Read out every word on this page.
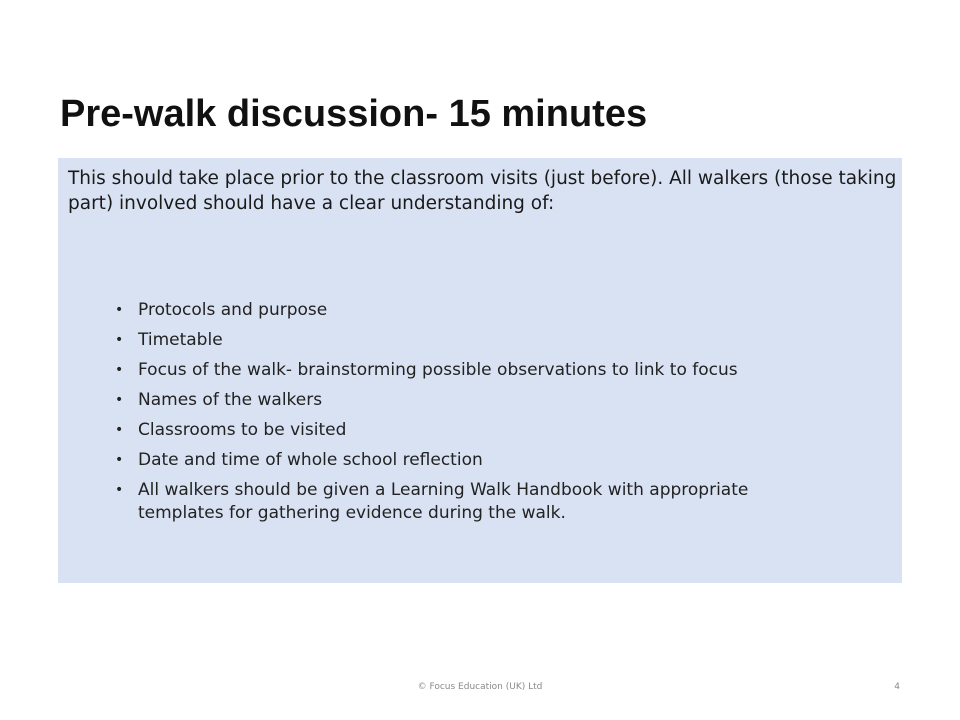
Pre-walk discussion- 15 minutes

This should take place prior to the classroom visits (just before). All walkers (those taking part) involved should have a clear understanding of:

• Protocols and purpose
• Timetable
• Focus of the walk- brainstorming possible observations to link to focus
• Names of the walkers
• Classrooms to be visited
• Date and time of whole school reflection
• All walkers should be given a Learning Walk Handbook with appropriate templates for gathering evidence during the walk.
© Focus Education (UK) Ltd	4
